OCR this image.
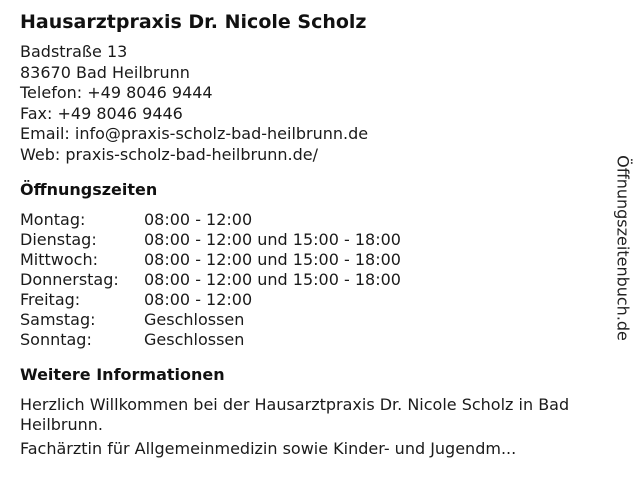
Hausarztpraxis Dr. Nicole Scholz
Badstraße 13
83670 Bad Heilbrunn
Telefon: +49 8046 9444
Fax: +49 8046 9446
Email: info@praxis-scholz-bad-heilbrunn.de
Web: praxis-scholz-bad-heilbrunn.de/
Öffnungszeiten
Montag:	08:00 - 12:00
Dienstag:	08:00 - 12:00 und 15:00 - 18:00
Mittwoch:	08:00 - 12:00 und 15:00 - 18:00
Donnerstag:	08:00 - 12:00 und 15:00 - 18:00
Freitag:	08:00 - 12:00
Samstag:	Geschlossen
Sonntag:	Geschlossen
Weitere Informationen

Herzlich Willkommen bei der Hausarztpraxis Dr. Nicole Scholz in Bad Heilbrunn.

Fachärztin für Allgemeinmedizin sowie Kinder- und Jugendm...

Öffnungszeitenbuch.de
